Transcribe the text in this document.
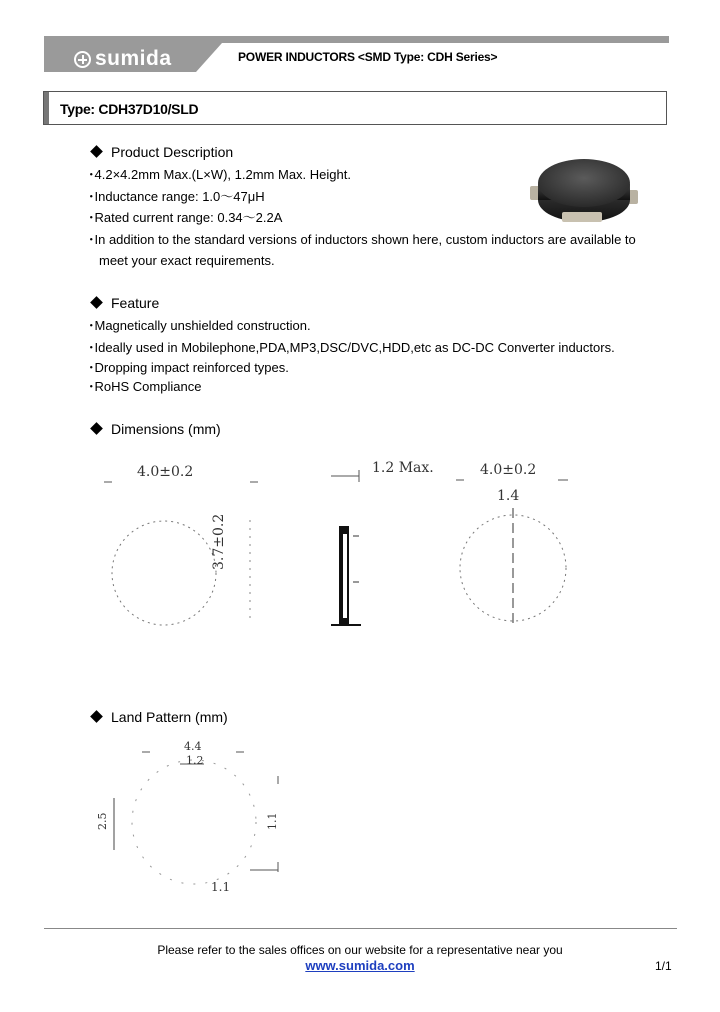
sumida	POWER INDUCTORS <SMD Type: CDH Series>
Type: CDH37D10/SLD
Product Description
･4.2×4.2mm Max.(L×W), 1.2mm Max. Height.
･Inductance range: 1.0～47μH
･Rated current range: 0.34～2.2A
･In addition to the standard versions of inductors shown here, custom inductors are available to
meet your exact requirements.
Feature
･Magnetically unshielded construction.
･Ideally used in Mobilephone,PDA,MP3,DSC/DVC,HDD,etc as DC-DC Converter inductors.
･Dropping impact reinforced types.
･RoHS Compliance
Dimensions (mm)
4.0±0.2
3.7±0.2
1.2 Max.	4.0±0.2
1.4
Land Pattern (mm)
4.4
1.2
2.5	1.1
1.1
Please refer to the sales offices on our website for a representative near you
www.sumida.com	1/1
